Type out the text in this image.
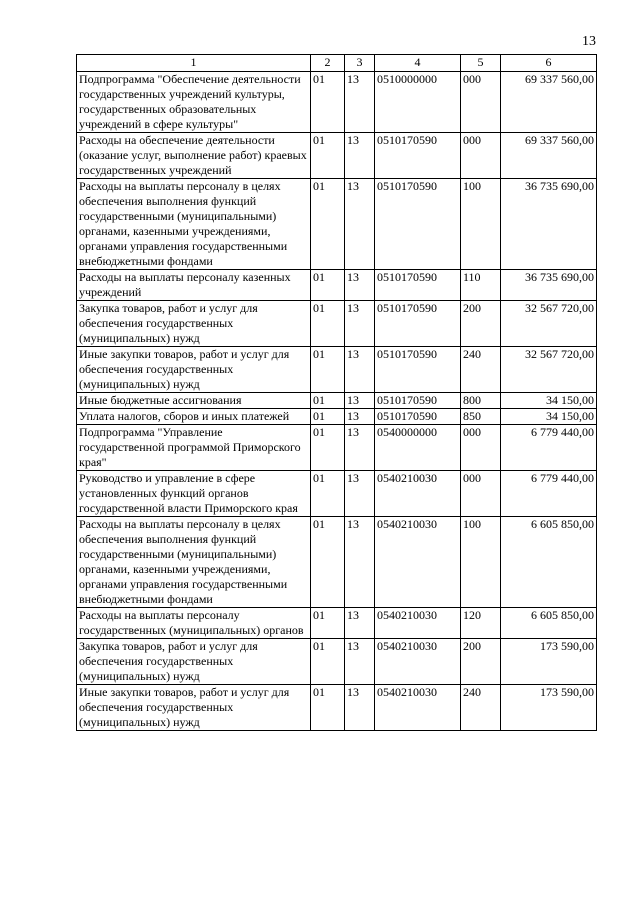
13
1	2	3	4	5	6
Подпрограмма "Обеспечение деятельности государственных учреждений культуры, государственных образовательных учреждений в сфере культуры"	01	13	0510000000	000	69 337 560,00
Расходы на обеспечение деятельности (оказание услуг, выполнение работ) краевых государственных учреждений	01	13	0510170590	000	69 337 560,00
Расходы на выплаты персоналу в целях обеспечения выполнения функций государственными (муниципальными) органами, казенными учреждениями, органами управления государственными внебюджетными фондами	01	13	0510170590	100	36 735 690,00
Расходы на выплаты персоналу казенных учреждений	01	13	0510170590	110	36 735 690,00
Закупка товаров, работ и услуг для обеспечения государственных (муниципальных) нужд	01	13	0510170590	200	32 567 720,00
Иные закупки товаров, работ и услуг для обеспечения государственных (муниципальных) нужд	01	13	0510170590	240	32 567 720,00
Иные бюджетные ассигнования	01	13	0510170590	800	34 150,00
Уплата налогов, сборов и иных платежей	01	13	0510170590	850	34 150,00
Подпрограмма "Управление государственной программой Приморского края"	01	13	0540000000	000	6 779 440,00
Руководство и управление в сфере установленных функций органов государственной власти Приморского края	01	13	0540210030	000	6 779 440,00
Расходы на выплаты персоналу в целях обеспечения выполнения функций государственными (муниципальными) органами, казенными учреждениями, органами управления государственными внебюджетными фондами	01	13	0540210030	100	6 605 850,00
Расходы на выплаты персоналу государственных (муниципальных) органов	01	13	0540210030	120	6 605 850,00
Закупка товаров, работ и услуг для обеспечения государственных (муниципальных) нужд	01	13	0540210030	200	173 590,00
Иные закупки товаров, работ и услуг для обеспечения государственных (муниципальных) нужд	01	13	0540210030	240	173 590,00
